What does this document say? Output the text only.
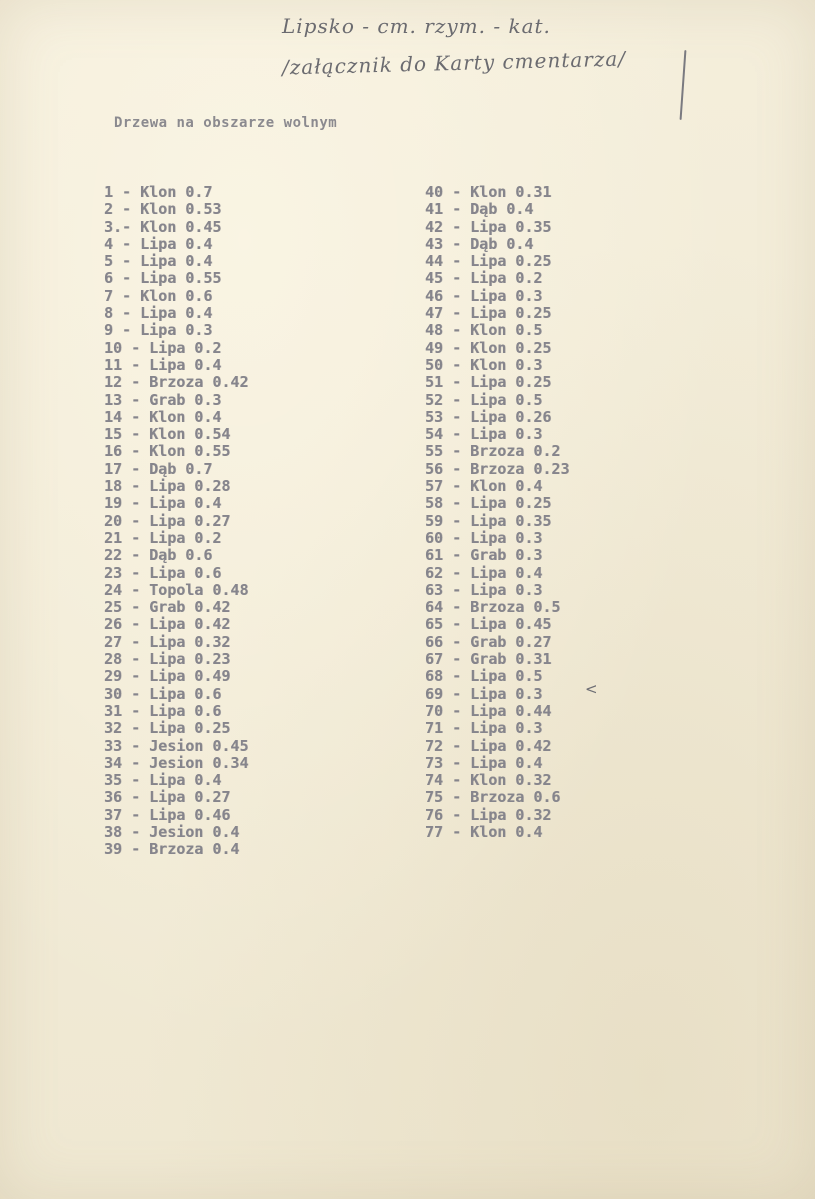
Lipsko - cm. rzym. - kat.
/załącznik do Karty cmentarza/
Drzewa na obszarze wolnym
1 - Klon 0.7
2 - Klon 0.53
3.- Klon 0.45
4 - Lipa 0.4
5 - Lipa 0.4
6 - Lipa 0.55
7 - Klon 0.6
8 - Lipa 0.4
9 - Lipa 0.3
10 - Lipa 0.2
11 - Lipa 0.4
12 - Brzoza 0.42
13 - Grab 0.3
14 - Klon 0.4
15 - Klon 0.54
16 - Klon 0.55
17 - Dąb 0.7
18 - Lipa 0.28
19 - Lipa 0.4
20 - Lipa 0.27
21 - Lipa 0.2
22 - Dąb 0.6
23 - Lipa 0.6
24 - Topola 0.48
25 - Grab 0.42
26 - Lipa 0.42
27 - Lipa 0.32
28 - Lipa 0.23
29 - Lipa 0.49
30 - Lipa 0.6
31 - Lipa 0.6
32 - Lipa 0.25
33 - Jesion 0.45
34 - Jesion 0.34
35 - Lipa 0.4
36 - Lipa 0.27
37 - Lipa 0.46
38 - Jesion 0.4
39 - Brzoza 0.4
40 - Klon 0.31
41 - Dąb 0.4
42 - Lipa 0.35
43 - Dąb 0.4
44 - Lipa 0.25
45 - Lipa 0.2
46 - Lipa 0.3
47 - Lipa 0.25
48 - Klon 0.5
49 - Klon 0.25
50 - Klon 0.3
51 - Lipa 0.25
52 - Lipa 0.5
53 - Lipa 0.26
54 - Lipa 0.3
55 - Brzoza 0.2
56 - Brzoza 0.23
57 - Klon 0.4
58 - Lipa 0.25
59 - Lipa 0.35
60 - Lipa 0.3
61 - Grab 0.3
62 - Lipa 0.4
63 - Lipa 0.3
64 - Brzoza 0.5
65 - Lipa 0.45
66 - Grab 0.27
67 - Grab 0.31
68 - Lipa 0.5
69 - Lipa 0.3
70 - Lipa 0.44
71 - Lipa 0.3
72 - Lipa 0.42
73 - Lipa 0.4
74 - Klon 0.32
75 - Brzoza 0.6
76 - Lipa 0.32
77 - Klon 0.4
<
